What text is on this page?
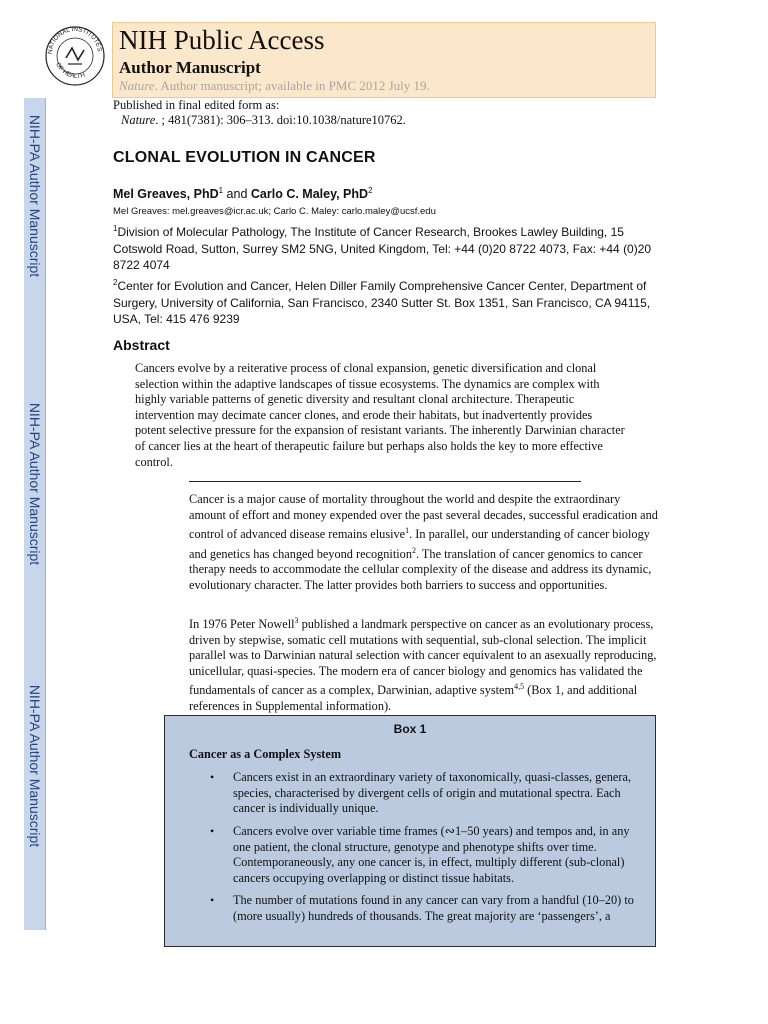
NIH-PA Author Manuscript
NIH-PA Author Manuscript
NIH-PA Author Manuscript
NATIONAL INSTITUTES
OF HEALTH
NIH Public Access
Author Manuscript
Nature. Author manuscript; available in PMC 2012 July 19.
Published in final edited form as:
Nature. ; 481(7381): 306–313. doi:10.1038/nature10762.
CLONAL EVOLUTION IN CANCER
Mel Greaves, PhD$^1$ and Carlo C. Maley, PhD$^2$
Mel Greaves: mel.greaves@icr.ac.uk; Carlo C. Maley: carlo.maley@ucsf.edu
$^1$Division of Molecular Pathology, The Institute of Cancer Research, Brookes Lawley Building, 15 Cotswold Road, Sutton, Surrey SM2 5NG, United Kingdom, Tel: +44 (0)20 8722 4073, Fax: +44 (0)20 8722 4074
$^2$Center for Evolution and Cancer, Helen Diller Family Comprehensive Cancer Center, Department of Surgery, University of California, San Francisco, 2340 Sutter St. Box 1351, San Francisco, CA 94115, USA, Tel: 415 476 9239
Abstract
Cancers evolve by a reiterative process of clonal expansion, genetic diversification and clonal selection within the adaptive landscapes of tissue ecosystems. The dynamics are complex with highly variable patterns of genetic diversity and resultant clonal architecture. Therapeutic intervention may decimate cancer clones, and erode their habitats, but inadvertently provides potent selective pressure for the expansion of resistant variants. The inherently Darwinian character of cancer lies at the heart of therapeutic failure but perhaps also holds the key to more effective control.
Cancer is a major cause of mortality throughout the world and despite the extraordinary amount of effort and money expended over the past several decades, successful eradication and control of advanced disease remains elusive$^1$. In parallel, our understanding of cancer biology and genetics has changed beyond recognition$^2$. The translation of cancer genomics to cancer therapy needs to accommodate the cellular complexity of the disease and address its dynamic, evolutionary character. The latter provides both barriers to success and opportunities.
In 1976 Peter Nowell$^3$ published a landmark perspective on cancer as an evolutionary process, driven by stepwise, somatic cell mutations with sequential, sub-clonal selection. The implicit parallel was to Darwinian natural selection with cancer equivalent to an asexually reproducing, unicellular, quasi-species. The modern era of cancer biology and genomics has validated the fundamentals of cancer as a complex, Darwinian, adaptive system$^{4,5}$ (Box 1, and additional references in Supplemental information).
Box 1
Cancer as a Complex System
• Cancers exist in an extraordinary variety of taxonomically, quasi-classes, genera, species, characterised by divergent cells of origin and mutational spectra. Each cancer is individually unique.
• Cancers evolve over variable time frames (∾1–50 years) and tempos and, in any one patient, the clonal structure, genotype and phenotype shifts over time. Contemporaneously, any one cancer is, in effect, multiply different (sub-clonal) cancers occupying overlapping or distinct tissue habitats.
• The number of mutations found in any cancer can vary from a handful (10–20) to (more usually) hundreds of thousands. The great majority are ‘passengers’, a
